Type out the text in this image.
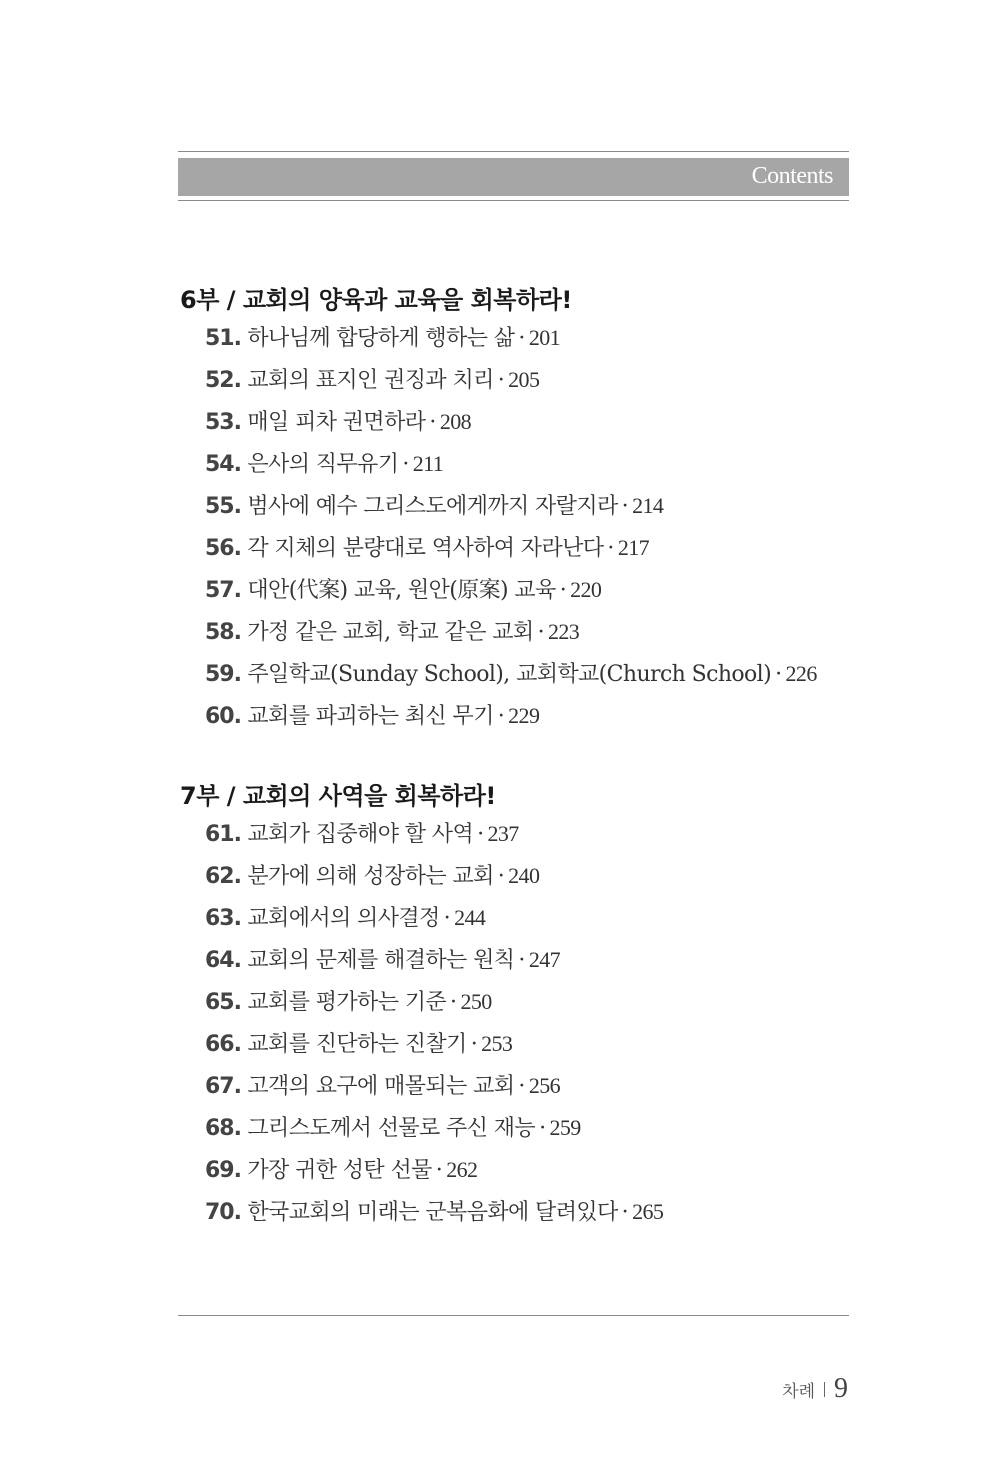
Contents
6부 / 교회의 양육과 교육을 회복하라!
51. 하나님께 합당하게 행하는 삶 · 201
52. 교회의 표지인 권징과 치리 · 205
53. 매일 피차 권면하라 · 208
54. 은사의 직무유기 · 211
55. 범사에 예수 그리스도에게까지 자랄지라 · 214
56. 각 지체의 분량대로 역사하여 자라난다 · 217
57. 대안(代案) 교육, 원안(原案) 교육 · 220
58. 가정 같은 교회, 학교 같은 교회 · 223
59. 주일학교(Sunday School), 교회학교(Church School) · 226
60. 교회를 파괴하는 최신 무기 · 229
7부 / 교회의 사역을 회복하라!
61. 교회가 집중해야 할 사역 · 237
62. 분가에 의해 성장하는 교회 · 240
63. 교회에서의 의사결정 · 244
64. 교회의 문제를 해결하는 원칙 · 247
65. 교회를 평가하는 기준 · 250
66. 교회를 진단하는 진찰기 · 253
67. 고객의 요구에 매몰되는 교회 · 256
68. 그리스도께서 선물로 주신 재능 · 259
69. 가장 귀한 성탄 선물 · 262
70. 한국교회의 미래는 군복음화에 달려있다 · 265
차례 9
